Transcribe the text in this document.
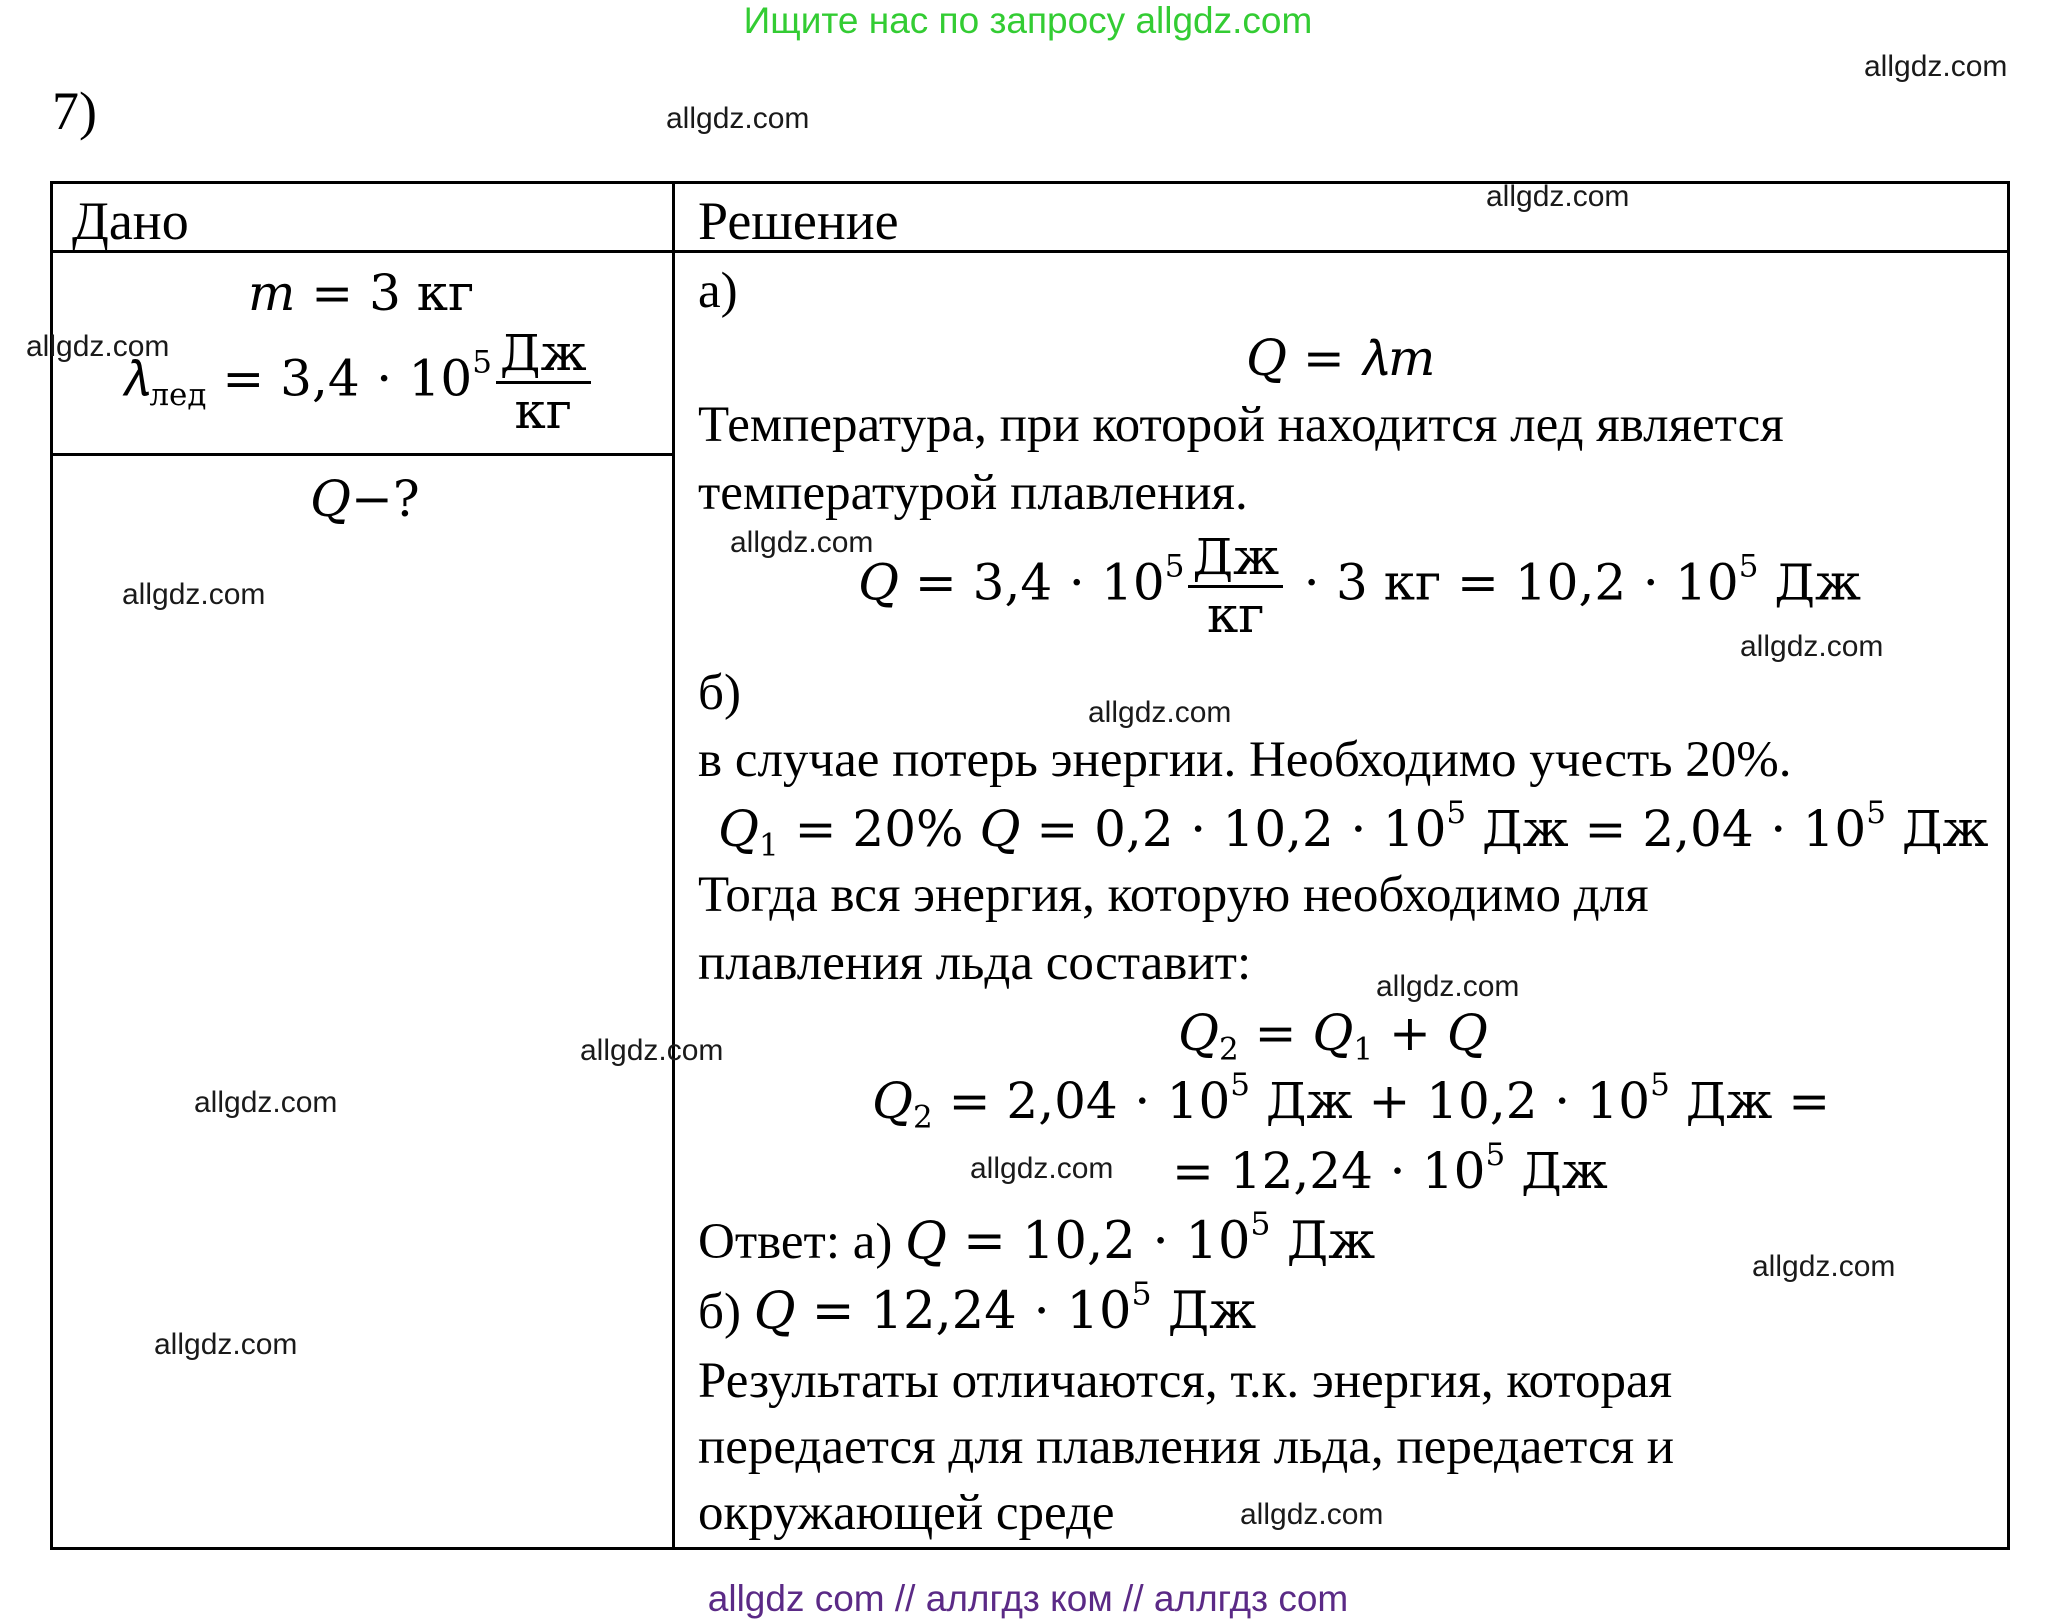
Ищите нас по запросу allgdz.com
7)
Дано	Решение
𝑚 = 3 кг
𝜆$_{лед}$ = $3,4 \cdot 10^5 \frac{Дж}{кг}$
𝑄−?
а)
𝑄 = 𝜆𝑚
Температура, при которой находится лед является
температурой плавления.
𝑄 = $3,4 \cdot 10^5 \frac{Дж}{кг} \cdot 3$ кг = $10,2 \cdot 10^5$ Дж
б)
в случае потерь энергии. Необходимо учесть 20%.
𝑄$_1$ = 20% 𝑄 = $0,2 \cdot 10,2 \cdot 10^5$ Дж = $2,04 \cdot 10^5$ Дж
Тогда вся энергия, которую необходимо для
плавления льда составит:
𝑄$_2$ = 𝑄$_1$ + 𝑄
𝑄$_2$ = $2,04 \cdot 10^5$ Дж + $10,2 \cdot 10^5$ Дж =
= $12,24 \cdot 10^5$ Дж
Ответ: а) 𝑄 = $10,2 \cdot 10^5$ Дж
б) 𝑄 = $12,24 \cdot 10^5$ Дж
Результаты отличаются, т.к. энергия, которая
передается для плавления льда, передается и
окружающей среде
allgdz.com
allgdz.com
allgdz.com
allgdz.com
allgdz.com
allgdz.com
allgdz.com
allgdz.com
allgdz.com
allgdz.com
allgdz.com
allgdz.com
allgdz.com
allgdz.com
allgdz.com
allgdz com // аллгдз ком // аллгдз com
